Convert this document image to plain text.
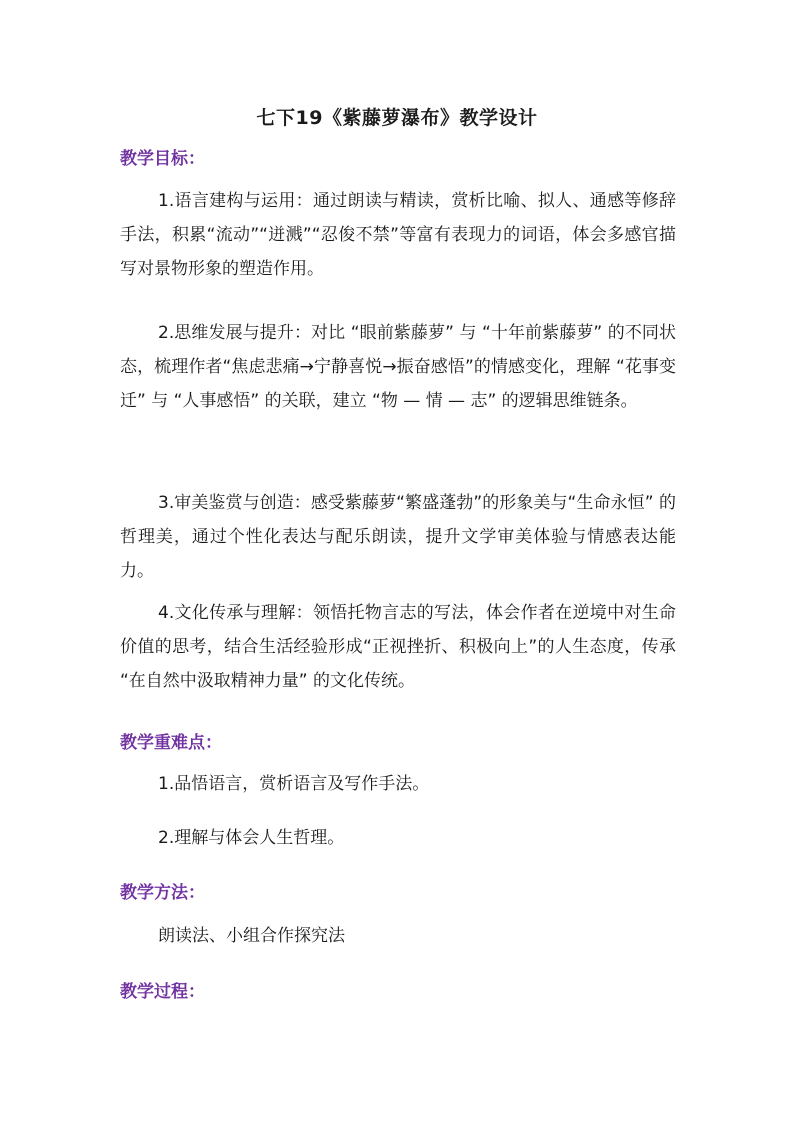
七下19《紫藤萝瀑布》教学设计
教学目标：

1.语言建构与运用：通过朗读与精读，赏析比喻、拟人、通感等修辞手法，积累“流动”“迸溅”“忍俊不禁”等富有表现力的词语，体会多感官描写对景物形象的塑造作用。

2.思维发展与提升：对比 “眼前紫藤萝” 与 “十年前紫藤萝” 的不同状态，梳理作者“焦虑悲痛→宁静喜悦→振奋感悟”的情感变化，理解 “花事变迁” 与 “人事感悟” 的关联，建立 “物 — 情 — 志” 的逻辑思维链条。

3.审美鉴赏与创造：感受紫藤萝“繁盛蓬勃”的形象美与“生命永恒” 的哲理美，通过个性化表达与配乐朗读，提升文学审美体验与情感表达能力。

4.文化传承与理解：领悟托物言志的写法，体会作者在逆境中对生命价值的思考，结合生活经验形成“正视挫折、积极向上”的人生态度，传承 “在自然中汲取精神力量” 的文化传统。

教学重难点：
1.品悟语言，赏析语言及写作手法。
2.理解与体会人生哲理。
教学方法：
朗读法、小组合作探究法
教学过程：
